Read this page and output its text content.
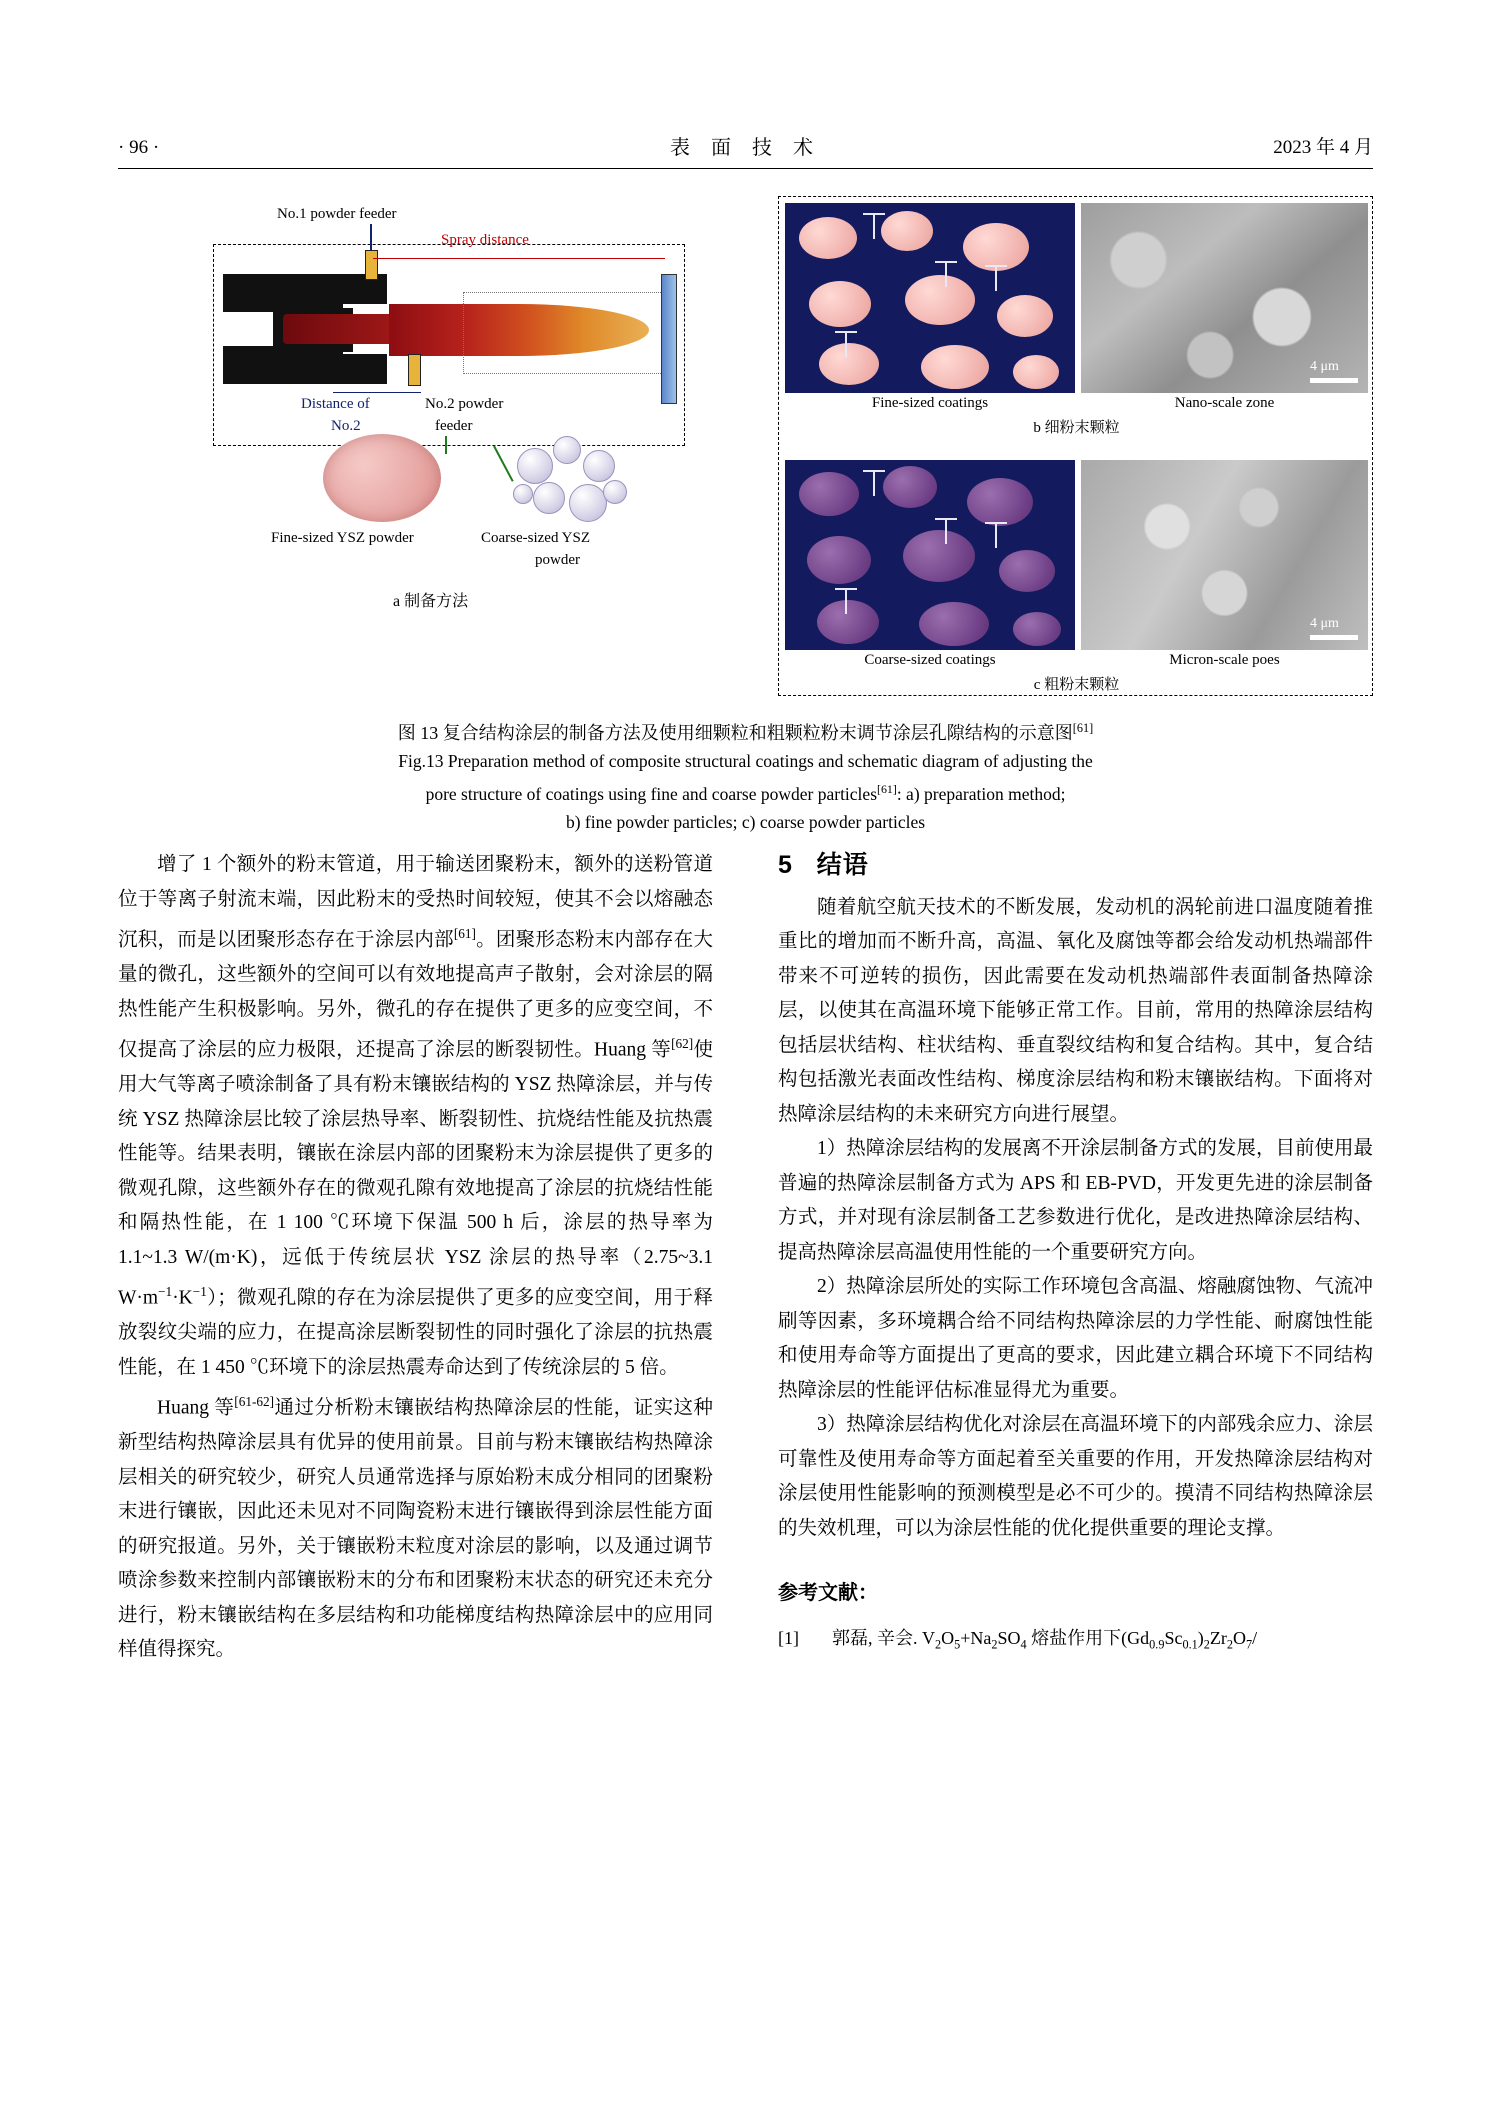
· 96 ·	表 面 技 术	2023 年 4 月
No.1 powder feeder
Spray distance
Distance of
No.2
No.2 powder
feeder
Fine-sized YSZ powder	Coarse-sized YSZ
powder
a 制备方法
4 μm
Fine-sized coatings	Nano-scale zone
b 细粉末颗粒
4 μm
Coarse-sized coatings	Micron-scale poes
c 粗粉末颗粒
图 13 复合结构涂层的制备方法及使用细颗粒和粗颗粒粉末调节涂层孔隙结构的示意图[61]
Fig.13 Preparation method of composite structural coatings and schematic diagram of adjusting the
pore structure of coatings using fine and coarse powder particles[61]: a) preparation method;
b) fine powder particles; c) coarse powder particles

增了 1 个额外的粉末管道，用于输送团聚粉末，额外的送粉管道位于等离子射流末端，因此粉末的受热时间较短，使其不会以熔融态沉积，而是以团聚形态存在于涂层内部[61]。团聚形态粉末内部存在大量的微孔，这些额外的空间可以有效地提高声子散射，会对涂层的隔热性能产生积极影响。另外，微孔的存在提供了更多的应变空间，不仅提高了涂层的应力极限，还提高了涂层的断裂韧性。Huang 等[62]使用大气等离子喷涂制备了具有粉末镶嵌结构的 YSZ 热障涂层，并与传统 YSZ 热障涂层比较了涂层热导率、断裂韧性、抗烧结性能及抗热震性能等。结果表明，镶嵌在涂层内部的团聚粉末为涂层提供了更多的微观孔隙，这些额外存在的微观孔隙有效地提高了涂层的抗烧结性能和隔热性能，在 1 100 ℃环境下保温 500 h 后，涂层的热导率为 1.1~1.3 W/(m·K)，远低于传统层状 YSZ 涂层的热导率（2.75~3.1 $W\cdot m^{-1}\cdot K^{-1}$）；微观孔隙的存在为涂层提供了更多的应变空间，用于释放裂纹尖端的应力，在提高涂层断裂韧性的同时强化了涂层的抗热震性能，在 1 450 ℃环境下的涂层热震寿命达到了传统涂层的 5 倍。

Huang 等[61-62]通过分析粉末镶嵌结构热障涂层的性能，证实这种新型结构热障涂层具有优异的使用前景。目前与粉末镶嵌结构热障涂层相关的研究较少，研究人员通常选择与原始粉末成分相同的团聚粉末进行镶嵌，因此还未见对不同陶瓷粉末进行镶嵌得到涂层性能方面的研究报道。另外，关于镶嵌粉末粒度对涂层的影响，以及通过调节喷涂参数来控制内部镶嵌粉末的分布和团聚粉末状态的研究还未充分进行，粉末镶嵌结构在多层结构和功能梯度结构热障涂层中的应用同样值得探究。

5 结语

随着航空航天技术的不断发展，发动机的涡轮前进口温度随着推重比的增加而不断升高，高温、氧化及腐蚀等都会给发动机热端部件带来不可逆转的损伤，因此需要在发动机热端部件表面制备热障涂层，以使其在高温环境下能够正常工作。目前，常用的热障涂层结构包括层状结构、柱状结构、垂直裂纹结构和复合结构。其中，复合结构包括激光表面改性结构、梯度涂层结构和粉末镶嵌结构。下面将对热障涂层结构的未来研究方向进行展望。

1）热障涂层结构的发展离不开涂层制备方式的发展，目前使用最普遍的热障涂层制备方式为 APS 和 EB-PVD，开发更先进的涂层制备方式，并对现有涂层制备工艺参数进行优化，是改进热障涂层结构、提高热障涂层高温使用性能的一个重要研究方向。

2）热障涂层所处的实际工作环境包含高温、熔融腐蚀物、气流冲刷等因素，多环境耦合给不同结构热障涂层的力学性能、耐腐蚀性能和使用寿命等方面提出了更高的要求，因此建立耦合环境下不同结构热障涂层的性能评估标准显得尤为重要。

3）热障涂层结构优化对涂层在高温环境下的内部残余应力、涂层可靠性及使用寿命等方面起着至关重要的作用，开发热障涂层结构对涂层使用性能影响的预测模型是必不可少的。摸清不同结构热障涂层的失效机理，可以为涂层性能的优化提供重要的理论支撑。

参考文献：
[1]	郭磊, 辛会. $V_2O_5+Na_2SO_4$ 熔盐作用下$(Gd_{0.9}Sc_{0.1})_2Zr_2O_7/$
